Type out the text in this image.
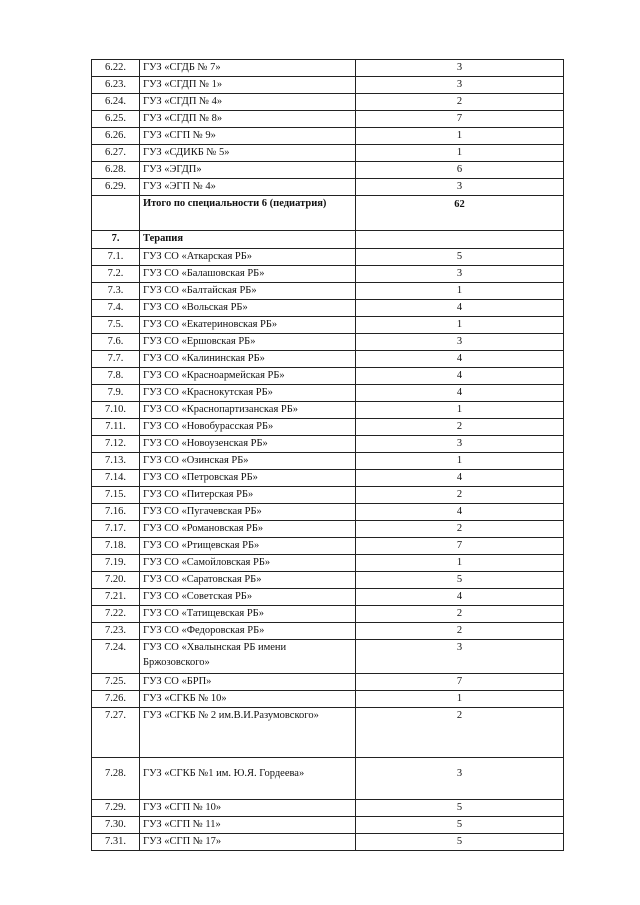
6.22.	ГУЗ «СГДБ № 7»	3
6.23.	ГУЗ «СГДП № 1»	3
6.24.	ГУЗ «СГДП № 4»	2
6.25.	ГУЗ «СГДП № 8»	7
6.26.	ГУЗ «СГП № 9»	1
6.27.	ГУЗ «СДИКБ № 5»	1
6.28.	ГУЗ «ЭГДП»	6
6.29.	ГУЗ «ЭГП № 4»	3
	Итого по специальности 6 (педиатрия)	62
7.	Терапия	
7.1.	ГУЗ СО «Аткарская РБ»	5
7.2.	ГУЗ СО «Балашовская РБ»	3
7.3.	ГУЗ СО «Балтайская РБ»	1
7.4.	ГУЗ СО «Вольская РБ»	4
7.5.	ГУЗ СО «Екатериновская РБ»	1
7.6.	ГУЗ СО «Ершовская РБ»	3
7.7.	ГУЗ СО «Калининская РБ»	4
7.8.	ГУЗ СО «Красноармейская РБ»	4
7.9.	ГУЗ СО «Краснокутская РБ»	4
7.10.	ГУЗ СО «Краснопартизанская РБ»	1
7.11.	ГУЗ СО «Новобурасская РБ»	2
7.12.	ГУЗ СО «Новоузенская РБ»	3
7.13.	ГУЗ СО «Озинская РБ»	1
7.14.	ГУЗ СО «Петровская РБ»	4
7.15.	ГУЗ СО «Питерская РБ»	2
7.16.	ГУЗ СО «Пугачевская РБ»	4
7.17.	ГУЗ СО «Романовская РБ»	2
7.18.	ГУЗ СО «Ртищевская РБ»	7
7.19.	ГУЗ СО «Самойловская РБ»	1
7.20.	ГУЗ СО «Саратовская РБ»	5
7.21.	ГУЗ СО «Советская РБ»	4
7.22.	ГУЗ СО «Татищевская РБ»	2
7.23.	ГУЗ СО «Федоровская РБ»	2
7.24.	ГУЗ СО «Хвалынская РБ имени Бржозовского»	3
7.25.	ГУЗ СО «БРП»	7
7.26.	ГУЗ «СГКБ № 10»	1
7.27.	ГУЗ «СГКБ № 2 им.В.И.Разумовского»	2
7.28.	ГУЗ «СГКБ №1 им. Ю.Я. Гордеева»	3
7.29.	ГУЗ «СГП № 10»	5
7.30.	ГУЗ «СГП № 11»	5
7.31.	ГУЗ «СГП № 17»	5
